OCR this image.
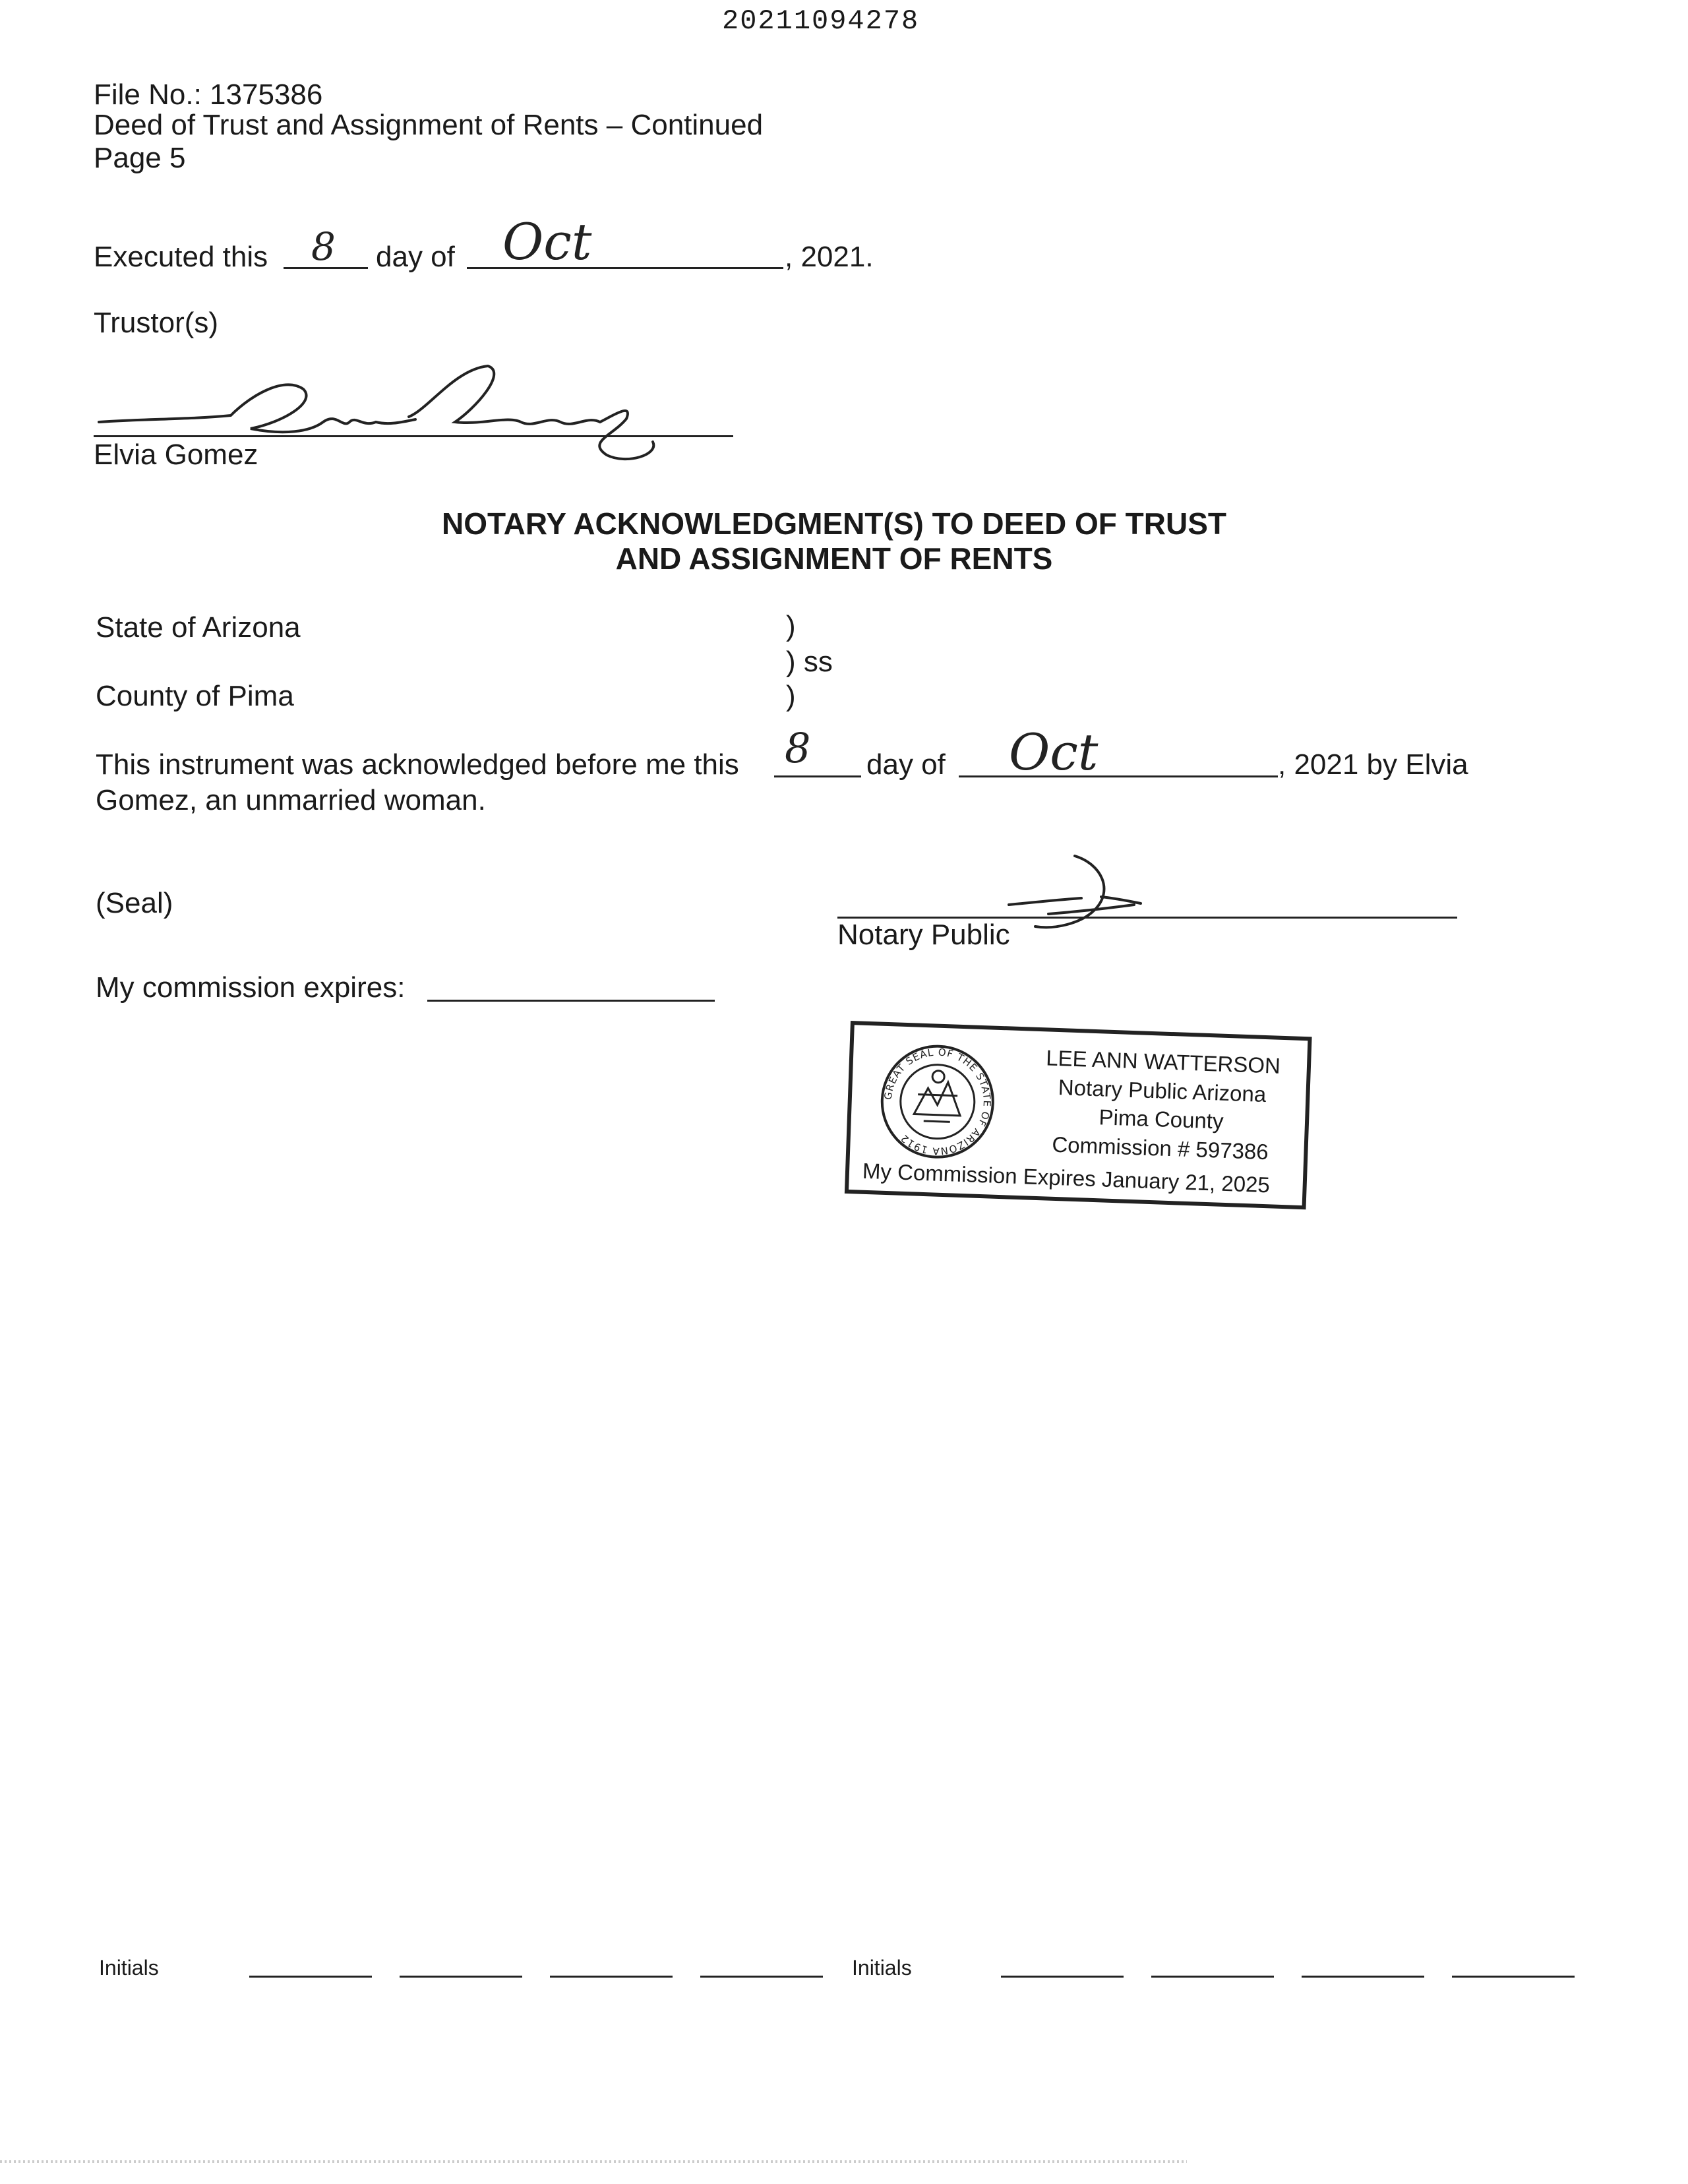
20211094278
File No.: 1375386
Deed of Trust and Assignment of Rents – Continued
Page 5
Executed this 8 day of Oct	, 2021.
Trustor(s)
Elvia Gomez
NOTARY ACKNOWLEDGMENT(S) TO DEED OF TRUST
AND ASSIGNMENT OF RENTS
State of Arizona
County of Pima
)
) ss
)
This instrument was acknowledged before me this 8 day of Oct	, 2021 by Elvia
Gomez, an unmarried woman.
(Seal)
Notary Public
My commission expires:
GREAT SEAL OF THE STATE OF ARIZONA 1912
LEE ANN WATTERSON
Notary Public Arizona
Pima County
Commission # 597386
My Commission Expires January 21, 2025
Initials	Initials
